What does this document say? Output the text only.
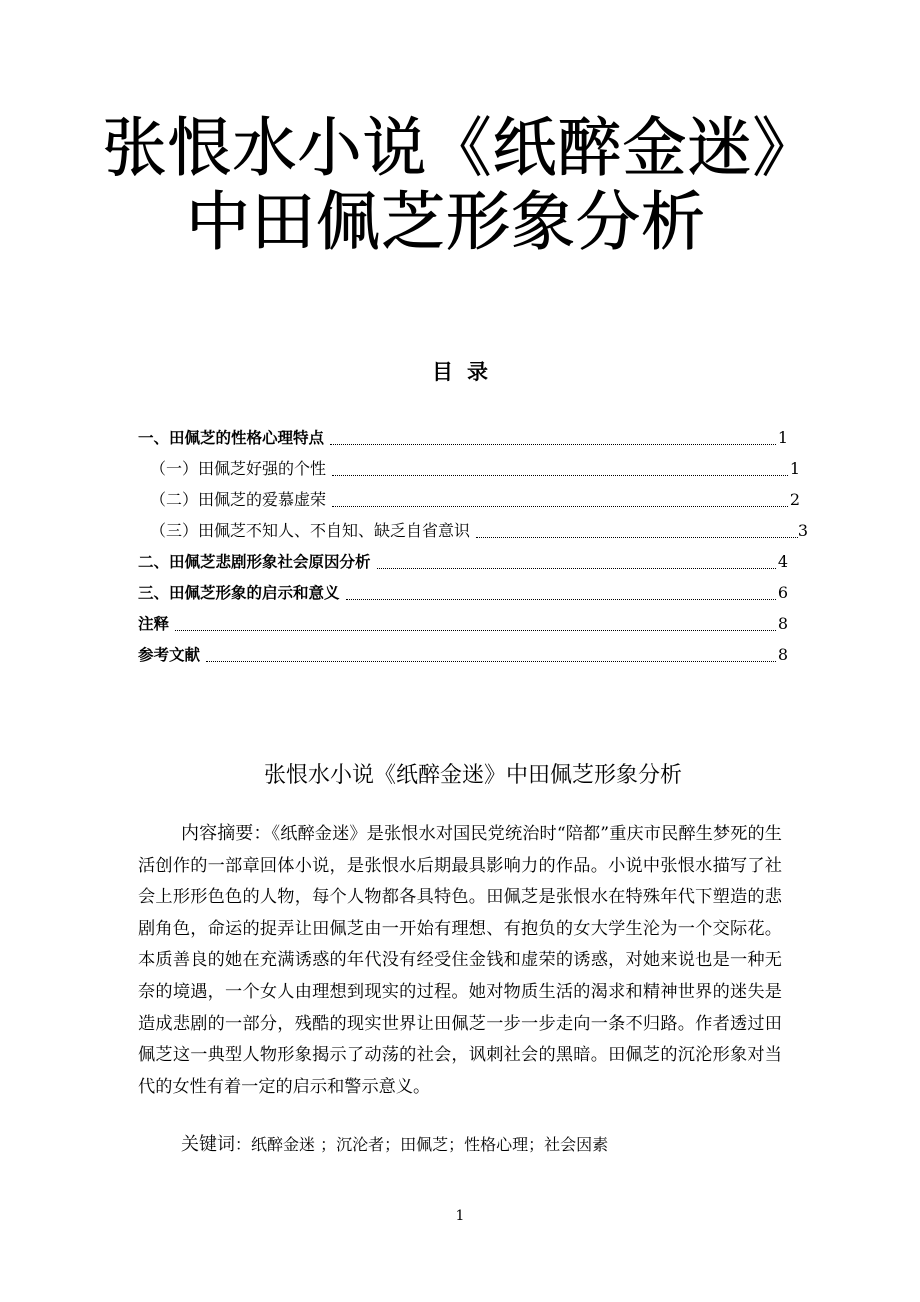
张恨水小说《纸醉金迷》

中田佩芝形象分析
目录
一、田佩芝的性格心理特点	1
（一）田佩芝好强的个性	1
（二）田佩芝的爱慕虚荣	2
（三）田佩芝不知人、不自知、缺乏自省意识	3
二、田佩芝悲剧形象社会原因分析	4
三、田佩芝形象的启示和意义	6
注释	8
参考文献	8
张恨水小说《纸醉金迷》中田佩芝形象分析
内容摘要：《纸醉金迷》是张恨水对国民党统治时“陪都”重庆市民醉生梦死的生活创作的一部章回体小说，是张恨水后期最具影响力的作品。小说中张恨水描写了社会上形形色色的人物，每个人物都各具特色。田佩芝是张恨水在特殊年代下塑造的悲剧角色，命运的捉弄让田佩芝由一开始有理想、有抱负的女大学生沦为一个交际花。本质善良的她在充满诱惑的年代没有经受住金钱和虚荣的诱惑，对她来说也是一种无奈的境遇，一个女人由理想到现实的过程。她对物质生活的渴求和精神世界的迷失是造成悲剧的一部分，残酷的现实世界让田佩芝一步一步走向一条不归路。作者透过田佩芝这一典型人物形象揭示了动荡的社会，讽刺社会的黑暗。田佩芝的沉沦形象对当代的女性有着一定的启示和警示意义。
关键词：纸醉金迷 ；沉沦者；田佩芝；性格心理；社会因素
1
